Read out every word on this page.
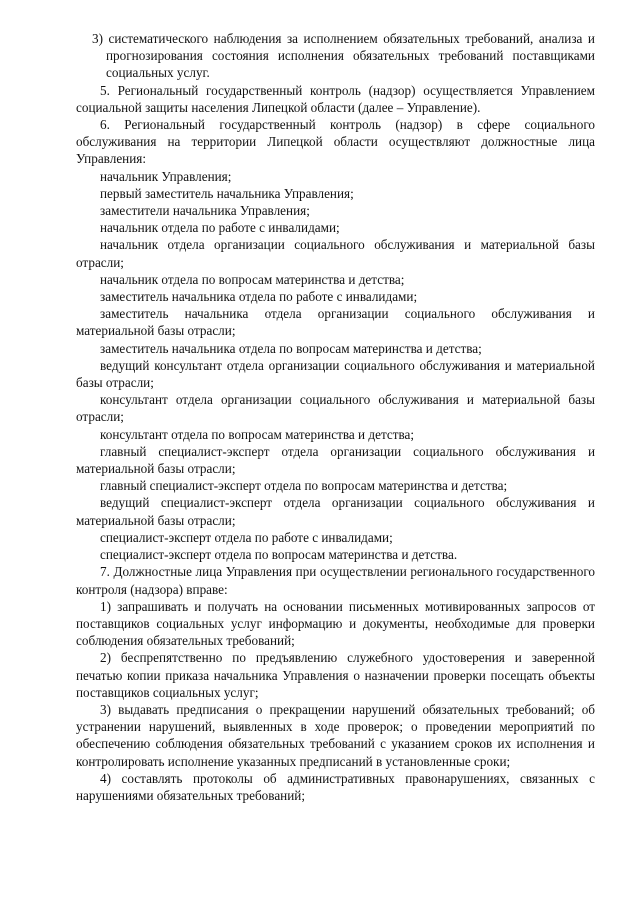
3) систематического наблюдения за исполнением обязательных требований, анализа и прогнозирования состояния исполнения обязательных требований поставщиками социальных услуг.

5. Региональный государственный контроль (надзор) осуществляется Управлением социальной защиты населения Липецкой области (далее – Управление).

6. Региональный государственный контроль (надзор) в сфере социального обслуживания на территории Липецкой области осуществляют должностные лица Управления:

начальник Управления;

первый заместитель начальника Управления;

заместители начальника Управления;

начальник отдела по работе с инвалидами;

начальник отдела организации социального обслуживания и материальной базы отрасли;

начальник отдела по вопросам материнства и детства;

заместитель начальника отдела по работе с инвалидами;

заместитель начальника отдела организации социального обслуживания и материальной базы отрасли;

заместитель начальника отдела по вопросам материнства и детства;

ведущий консультант отдела организации социального обслуживания и материальной базы отрасли;

консультант отдела организации социального обслуживания и материальной базы отрасли;

консультант отдела по вопросам материнства и детства;

главный специалист-эксперт отдела организации социального обслуживания и материальной базы отрасли;

главный специалист-эксперт отдела по вопросам материнства и детства;

ведущий специалист-эксперт отдела организации социального обслуживания и материальной базы отрасли;

специалист-эксперт отдела по работе с инвалидами;

специалист-эксперт отдела по вопросам материнства и детства.

7. Должностные лица Управления при осуществлении регионального государственного контроля (надзора) вправе:

1) запрашивать и получать на основании письменных мотивированных запросов от поставщиков социальных услуг информацию и документы, необходимые для проверки соблюдения обязательных требований;

2) беспрепятственно по предъявлению служебного удостоверения и заверенной печатью копии приказа начальника Управления о назначении проверки посещать объекты поставщиков социальных услуг;

3) выдавать предписания о прекращении нарушений обязательных требований; об устранении нарушений, выявленных в ходе проверок; о проведении мероприятий по обеспечению соблюдения обязательных требований с указанием сроков их исполнения и контролировать исполнение указанных предписаний в установленные сроки;

4) составлять протоколы об административных правонарушениях, связанных с нарушениями обязательных требований;
